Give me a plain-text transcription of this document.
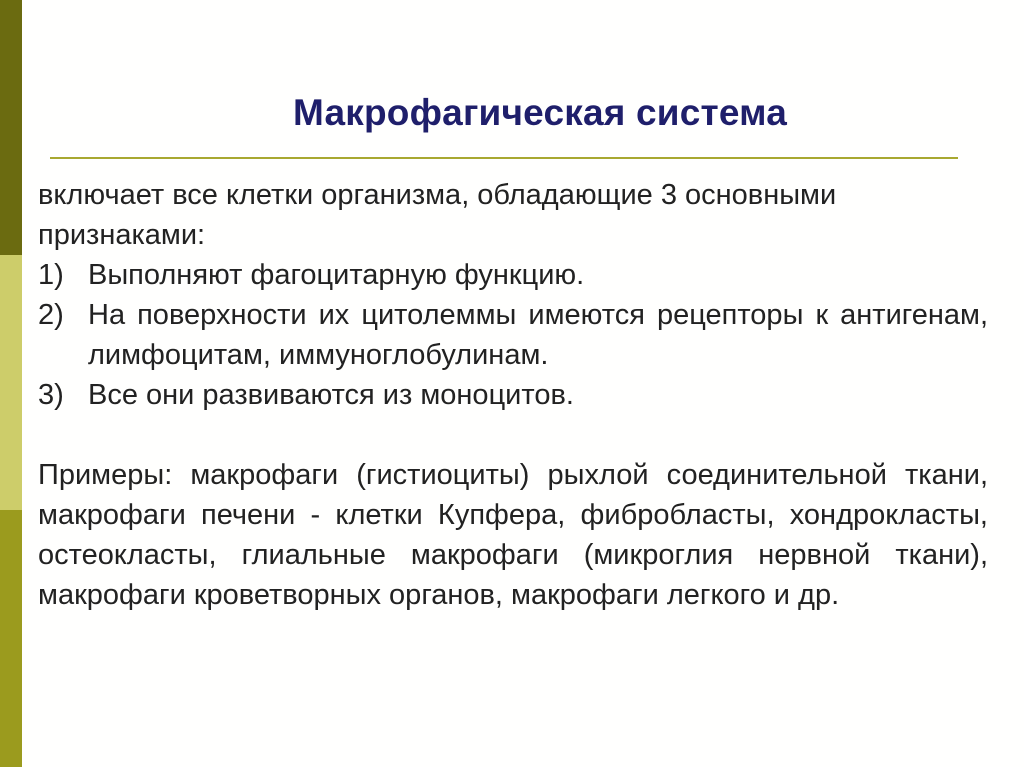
Макрофагическая система

включает все клетки организма, обладающие 3 основными признаками:

1) Выполняют фагоцитарную функцию.
2) На поверхности их цитолеммы имеются рецепторы к антигенам, лимфоцитам, иммуноглобулинам.
3) Все они развиваются из моноцитов.

Примеры: макрофаги (гистиоциты) рыхлой соединительной ткани, макрофаги печени - клетки Купфера, фибробласты, хондрокласты, остеокласты, глиальные макрофаги (микроглия нервной ткани), макрофаги кроветворных органов, макрофаги легкого и др.
